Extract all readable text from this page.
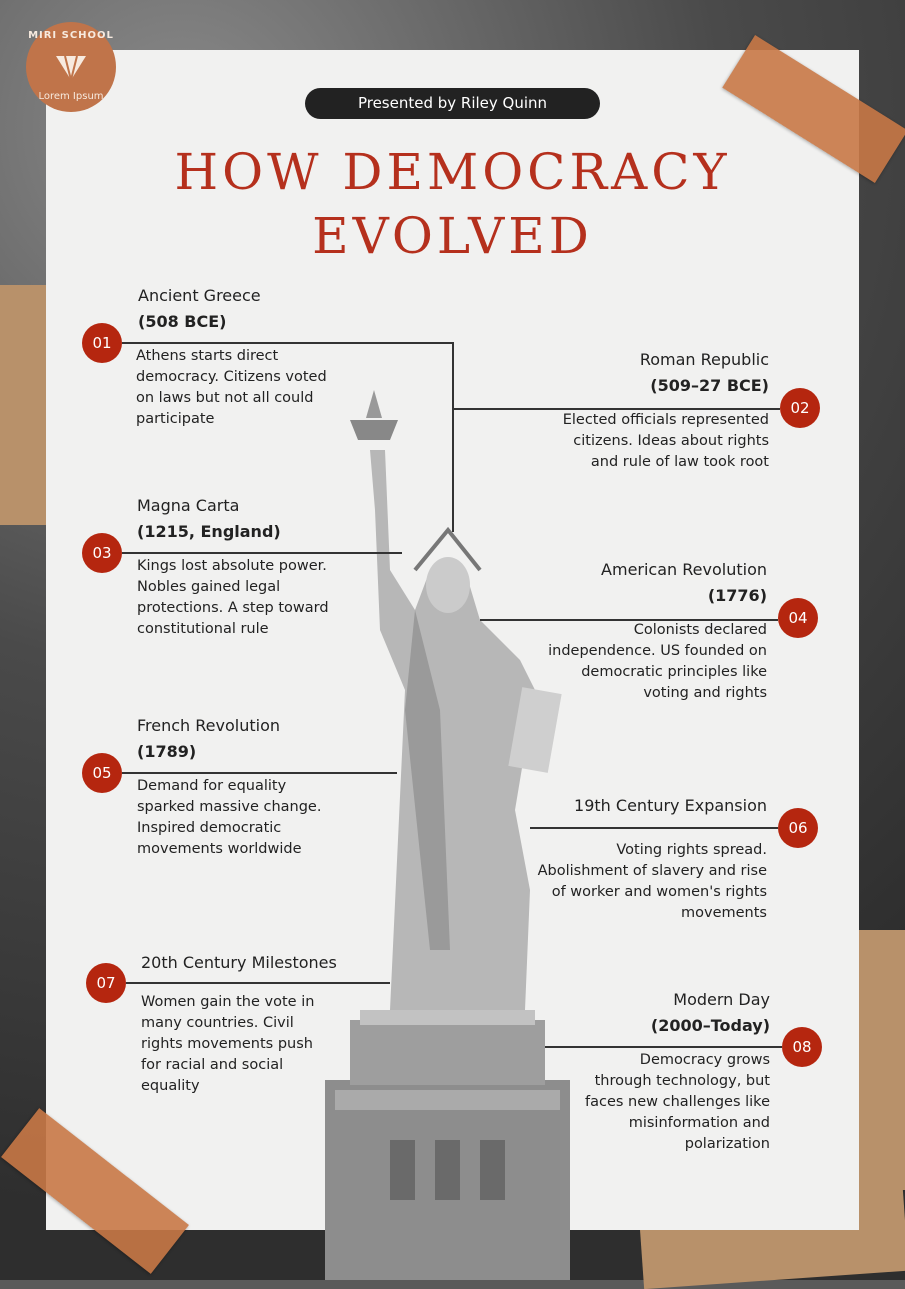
MIRI SCHOOL
Lorem Ipsum	Presented by Riley Quinn
HOW DEMOCRACY
EVOLVED
01
02
03
04
05
06
07
08
Ancient Greece
(508 BCE)

Athens starts direct democracy. Citizens voted on laws but not all could participate

Roman Republic
(509–27 BCE)

Elected officials represented citizens. Ideas about rights and rule of law took root

Magna Carta
(1215, England)

Kings lost absolute power. Nobles gained legal protections. A step toward constitutional rule

American Revolution
(1776)

Colonists declared independence. US founded on democratic principles like voting and rights

French Revolution
(1789)

Demand for equality sparked massive change. Inspired democratic movements worldwide

19th Century Expansion

Voting rights spread. Abolishment of slavery and rise of worker and women's rights movements

20th Century Milestones

Women gain the vote in many countries. Civil rights movements push for racial and social equality

Modern Day
(2000–Today)

Democracy grows through technology, but faces new challenges like misinformation and polarization
